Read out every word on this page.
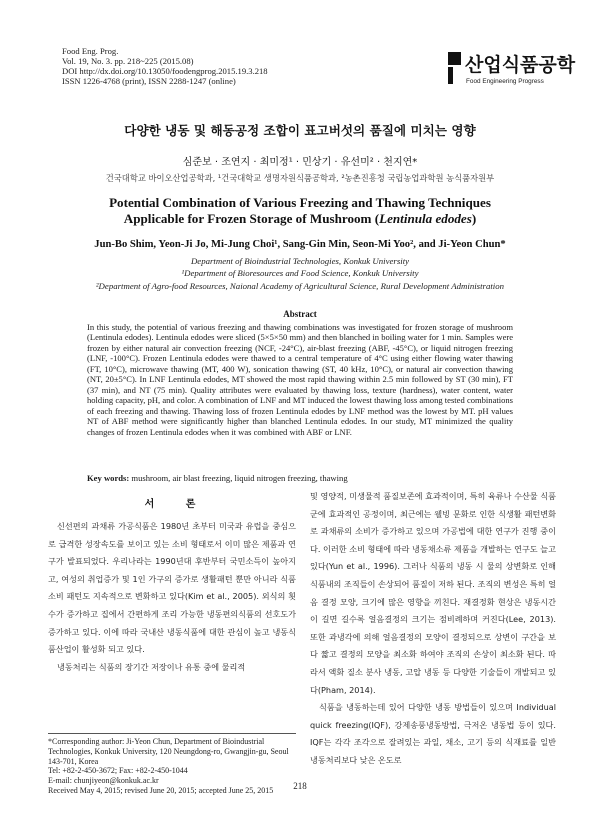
Food Eng. Prog.
Vol. 19, No. 3. pp. 218~225 (2015.08)
DOI http://dx.doi.org/10.13050/foodengprog.2015.19.3.218
ISSN 1226-4768 (print), ISSN 2288-1247 (online)
산업식품공학
Food Engineering Progress
다양한 냉동 및 해동공정 조합이 표고버섯의 품질에 미치는 영향
심준보 · 조연지 · 최미정¹ · 민상기 · 유선미² · 천지연*
건국대학교 바이오산업공학과, ¹건국대학교 생명자원식품공학과, ²농촌진흥청 국립농업과학원 농식품자원부
Potential Combination of Various Freezing and Thawing Techniques
Applicable for Frozen Storage of Mushroom (Lentinula edodes)
Jun-Bo Shim, Yeon-Ji Jo, Mi-Jung Choi¹, Sang-Gin Min, Seon-Mi Yoo², and Ji-Yeon Chun*
Department of Bioindustrial Technologies, Konkuk University
¹Department of Bioresources and Food Science, Konkuk University
²Department of Agro-food Resources, Naional Academy of Agricultural Science, Rural Development Administration
Abstract

In this study, the potential of various freezing and thawing combinations was investigated for frozen storage of mushroom (Lentinula edodes). Lentinula edodes were sliced (5×5×50 mm) and then blanched in boiling water for 1 min. Samples were frozen by either natural air convection freezing (NCF, -24°C), air-blast freezing (ABF, -45°C), or liquid nitrogen freezing (LNF, -100°C). Frozen Lentinula edodes were thawed to a central temperature of 4°C using either flowing water thawing (FT, 10°C), microwave thawing (MT, 400 W), sonication thawing (ST, 40 kHz, 10°C), or natural air convection thawing (NT, 20±5°C). In LNF Lentinula edodes, MT showed the most rapid thawing within 2.5 min followed by ST (30 min), FT (37 min), and NT (75 min). Quality attributes were evaluated by thawing loss, texture (hardness), water content, water holding capacity, pH, and color. A combination of LNF and MT induced the lowest thawing loss among tested combinations of each freezing and thawing. Thawing loss of frozen Lentinula edodes by LNF method was the lowest by MT. pH values NT of ABF method were significantly higher than blanched Lentinula edodes. In our study, MT minimized the quality changes of frozen Lentinula edodes when it was combined with ABF or LNF.

Key words: mushroom, air blast freezing, liquid nitrogen freezing, thawing
서 론

신선편의 과채류 가공식품은 1980년 초부터 미국과 유럽을 중심으로 급격한 성장속도를 보이고 있는 소비 형태로서 이미 많은 제품과 연구가 발표되었다. 우리나라는 1990년대 후반부터 국민소득이 높아지고, 여성의 취업증가 및 1인 가구의 증가로 생활패턴 뿐만 아니라 식품 소비 패턴도 지속적으로 변화하고 있다(Kim et al., 2005). 외식의 횟수가 증가하고 집에서 간편하게 조리 가능한 냉동편의식품의 선호도가 증가하고 있다. 이에 따라 국내산 냉동식품에 대한 관심이 높고 냉동식품산업이 활성화 되고 있다.

냉동처리는 식품의 장기간 저장이나 유통 중에 물리적

및 영양적, 미생물적 품질보존에 효과적이며, 특히 육류나 수산물 식품군에 효과적인 공정이며, 최근에는 웰빙 문화로 인한 식생활 패턴변화로 과채류의 소비가 증가하고 있으며 가공법에 대한 연구가 진행 중이다. 이러한 소비 형태에 따라 냉동채소류 제품을 개발하는 연구도 늘고 있다(Yun et al., 1996). 그러나 식품의 냉동 시 물의 상변화로 인해 식품내의 조직들이 손상되어 품질이 저하 된다. 조직의 변성은 특히 얼음 결정 모양, 크기에 많은 영향을 끼친다. 재결정화 현상은 냉동시간이 길면 길수록 얼음결정의 크기는 점비례하며 커진다(Lee, 2013). 또한 과냉각에 의해 얼음결정의 모양이 결정되으로 상변이 구간을 보다 짧고 결정의 모양을 최소화 하여야 조직의 손상이 최소화 된다. 따라서 액화 질소 분사 냉동, 고압 냉동 등 다양한 기술들이 개발되고 있다(Pham, 2014).

식품을 냉동하는데 있어 다양한 냉동 방법들이 있으며 Individual quick freezing(IQF), 강제송풍냉동방법, 극저온 냉동법 등이 있다. IQF는 각각 조각으로 잘려있는 과일, 채소, 고기 등의 식재료를 일반 냉동처리보다 낮은 온도로

*Corresponding author: Ji-Yeon Chun, Department of Bioindustrial Technologies, Konkuk University, 120 Neungdong-ro, Gwangjin-gu, Seoul 143-701, Korea
Tel: +82-2-450-3672; Fax: +82-2-450-1044
E-mail: chunjiyeon@konkuk.ac.kr
Received May 4, 2015; revised June 20, 2015; accepted June 25, 2015	218
